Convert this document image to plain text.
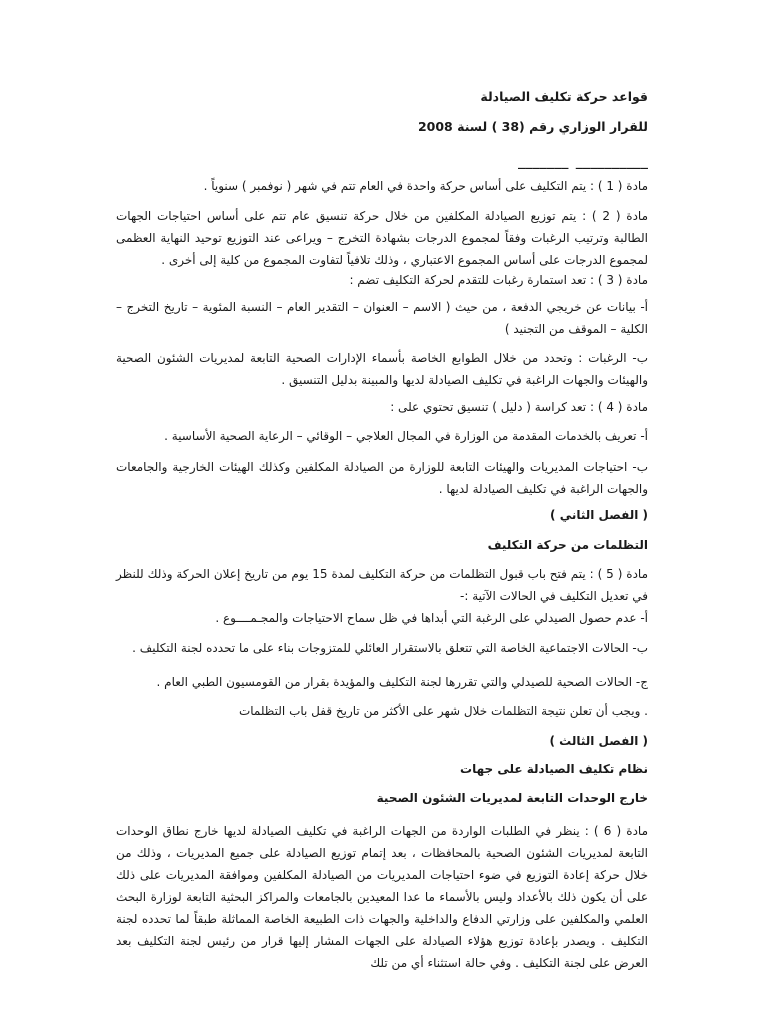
قواعد حركة تكليف الصيادلة
للقرار الوزاري رقم (38 ) لسنة 2008
_______ __________
مادة ( 1 ) : يتم التكليف على أساس حركة واحدة في العام تتم في شهر ( نوفمبر ) سنوياً .
مادة ( 2 ) : يتم توزيع الصيادلة المكلفين من خلال حركة تنسيق عام تتم على أساس احتياجات الجهات الطالبة وترتيب الرغبات وفقاً لمجموع الدرجات بشهادة التخرج – ويراعى عند التوزيع توحيد النهاية العظمى لمجموع الدرجات على أساس المجموع الاعتباري ، وذلك تلافياً لتفاوت المجموع من كلية إلى أخرى .
مادة ( 3 ) : تعد استمارة رغبات للتقدم لحركة التكليف تضم :
أ- بيانات عن خريجي الدفعة ، من حيث ( الاسم – العنوان – التقدير العام – النسبة المئوية – تاريخ التخرج – الكلية – الموقف من التجنيد )
ب- الرغبات : وتحدد من خلال الطوابع الخاصة بأسماء الإدارات الصحية التابعة لمديريات الشئون الصحية والهيئات والجهات الراغبة في تكليف الصيادلة لديها والمبينة بدليل التنسيق .
مادة ( 4 ) : تعد كراسة ( دليل ) تنسيق تحتوي على :
أ- تعريف بالخدمات المقدمة من الوزارة في المجال العلاجي – الوقائي – الرعاية الصحية الأساسية .
ب- احتياجات المديريات والهيئات التابعة للوزارة من الصيادلة المكلفين وكذلك الهيئات الخارجية والجامعات والجهات الراغبة في تكليف الصيادلة لديها .
( الفصل الثاني )
التظلمات من حركة التكليف
مادة ( 5 ) : يتم فتح باب قبول التظلمات من حركة التكليف لمدة 15 يوم من تاريخ إعلان الحركة وذلك للنظر في تعديل التكليف في الحالات الآتية :-
أ- عدم حصول الصيدلي على الرغبة التي أبداها في ظل سماح الاحتياجات والمجـمــــوع .
ب- الحالات الاجتماعية الخاصة التي تتعلق بالاستقرار العائلي للمتزوجات بناء على ما تحدده لجنة التكليف .
ج- الحالات الصحية للصيدلي والتي تقررها لجنة التكليف والمؤيدة بقرار من القومسيون الطبي العام .
. ويجب أن تعلن نتيجة التظلمات خلال شهر على الأكثر من تاريخ قفل باب التظلمات
( الفصل الثالث )
نظام تكليف الصيادلة على جهات
خارج الوحدات التابعة لمديريات الشئون الصحية
مادة ( 6 ) : ينظر في الطلبات الواردة من الجهات الراغبة في تكليف الصيادلة لديها خارج نطاق الوحدات التابعة لمديريات الشئون الصحية بالمحافظات ، بعد إتمام توزيع الصيادلة على جميع المديريات ، وذلك من خلال حركة إعادة التوزيع في ضوء احتياجات المديريات من الصيادلة المكلفين وموافقة المديريات على ذلك على أن يكون ذلك بالأعداد وليس بالأسماء ما عدا المعيدين بالجامعات والمراكز البحثية التابعة لوزارة البحث العلمي والمكلفين على وزارتي الدفاع والداخلية والجهات ذات الطبيعة الخاصة المماثلة طبقاً لما تحدده لجنة التكليف . ويصدر بإعادة توزيع هؤلاء الصيادلة على الجهات المشار إليها قرار من رئيس لجنة التكليف بعد العرض على لجنة التكليف . وفي حالة استثناء أي من تلك
